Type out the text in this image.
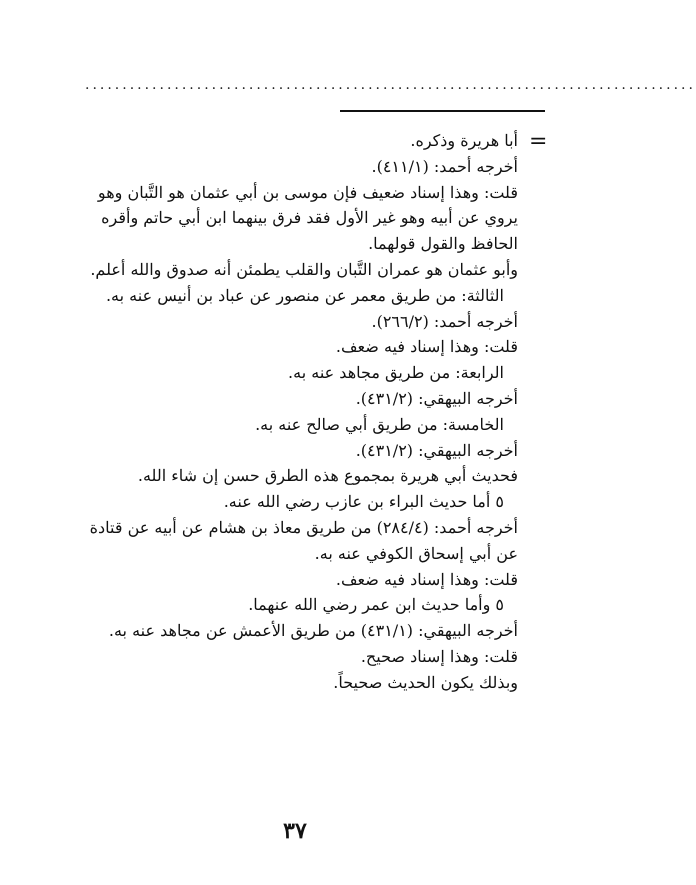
..................................................................................
=
أبا هريرة وذكره.
أخرجه أحمد: (٤١١/١).
قلت: وهذا إسناد ضعيف فإن موسى بن أبي عثمان هو التَّبان وهو
يروي عن أبيه وهو غير الأول فقد فرق بينهما ابن أبي حاتم وأقره
الحافظ والقول قولهما.
وأبو عثمان هو عمران التَّبان والقلب يطمئن أنه صدوق والله أعلم.
الثالثة: من طريق معمر عن منصور عن عباد بن أنيس عنه به.
أخرجه أحمد: (٢٦٦/٢).
قلت: وهذا إسناد فيه ضعف.
الرابعة: من طريق مجاهد عنه به.
أخرجه البيهقي: (٤٣١/٢).
الخامسة: من طريق أبي صالح عنه به.
أخرجه البيهقي: (٤٣١/٢).
فحديث أبي هريرة بمجموع هذه الطرق حسن إن شاء الله.
٥ أما حديث البراء بن عازب رضي الله عنه.
أخرجه أحمد: (٢٨٤/٤) من طريق معاذ بن هشام عن أبيه عن قتادة
عن أبي إسحاق الكوفي عنه به.
قلت: وهذا إسناد فيه ضعف.
٥ وأما حديث ابن عمر رضي الله عنهما.
أخرجه البيهقي: (٤٣١/١) من طريق الأعمش عن مجاهد عنه به.
قلت: وهذا إسناد صحيح.
وبذلك يكون الحديث صحيحاً.
٣٧
